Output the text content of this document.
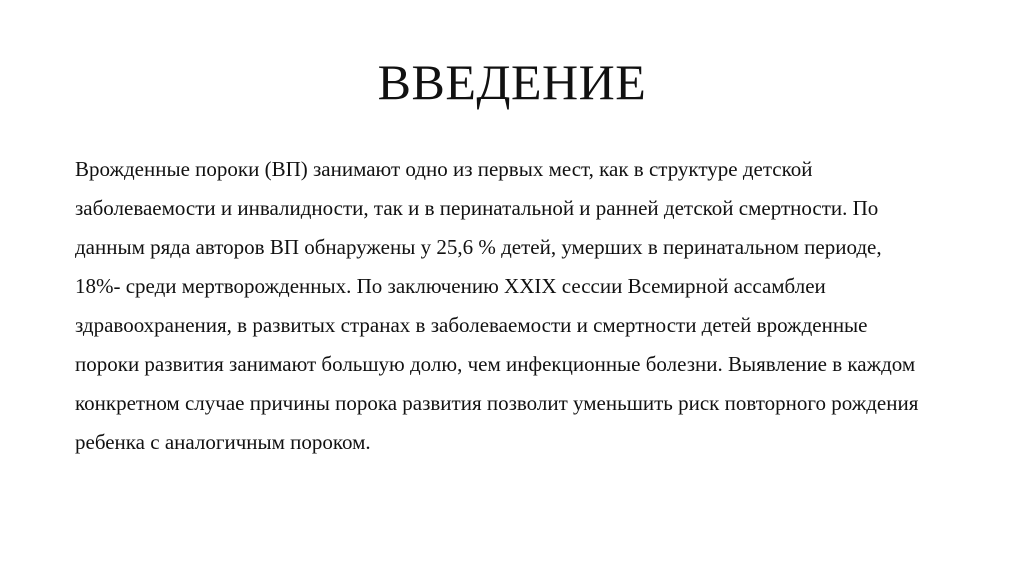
ВВЕДЕНИЕ
Врожденные пороки (ВП) занимают одно из первых мест, как в структуре детской
заболеваемости и инвалидности, так и в перинатальной и ранней детской смертности. По
данным ряда авторов ВП обнаружены у 25,6 % детей, умерших в перинатальном периоде,
18%- среди мертворожденных. По заключению XXIX сессии Всемирной ассамблеи
здравоохранения, в развитых странах в заболеваемости и смертности детей врожденные
пороки развития занимают большую долю, чем инфекционные болезни. Выявление в каждом
конкретном случае причины порока развития позволит уменьшить риск повторного рождения
ребенка с аналогичным пороком.
